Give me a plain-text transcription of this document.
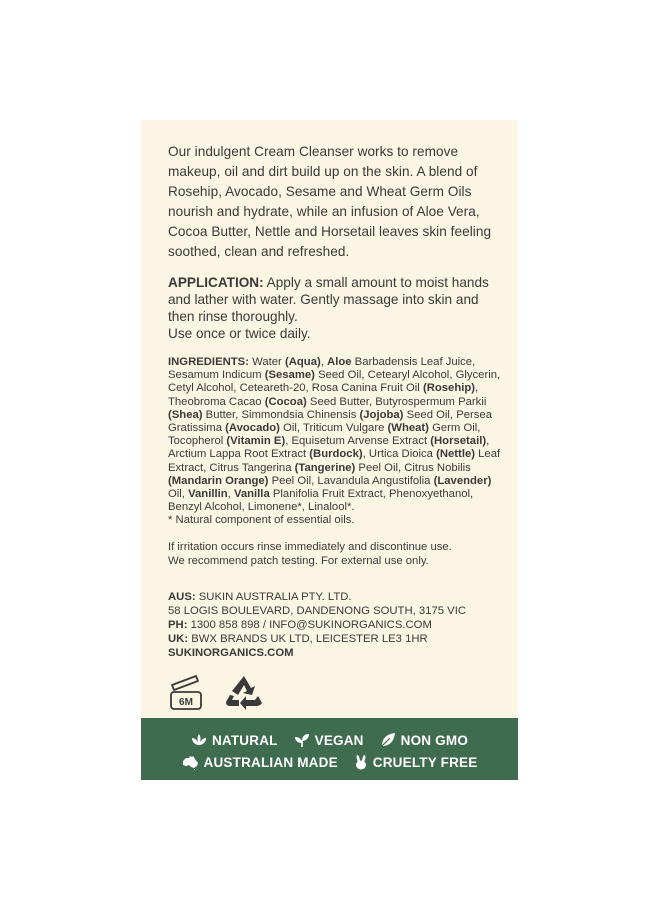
Our indulgent Cream Cleanser works to remove makeup, oil and dirt build up on the skin. A blend of Rosehip, Avocado, Sesame and Wheat Germ Oils nourish and hydrate, while an infusion of Aloe Vera, Cocoa Butter, Nettle and Horsetail leaves skin feeling soothed, clean and refreshed.

APPLICATION: Apply a small amount to moist hands and lather with water. Gently massage into skin and then rinse thoroughly.
Use once or twice daily.

INGREDIENTS: Water (Aqua), Aloe Barbadensis Leaf Juice, Sesamum Indicum (Sesame) Seed Oil, Cetearyl Alcohol, Glycerin, Cetyl Alcohol, Ceteareth-20, Rosa Canina Fruit Oil (Rosehip), Theobroma Cacao (Cocoa) Seed Butter, Butyrospermum Parkii (Shea) Butter, Simmondsia Chinensis (Jojoba) Seed Oil, Persea Gratissima (Avocado) Oil, Triticum Vulgare (Wheat) Germ Oil, Tocopherol (Vitamin E), Equisetum Arvense Extract (Horsetail), Arctium Lappa Root Extract (Burdock), Urtica Dioica (Nettle) Leaf Extract, Citrus Tangerina (Tangerine) Peel Oil, Citrus Nobilis (Mandarin Orange) Peel Oil, Lavandula Angustifolia (Lavender) Oil, Vanillin, Vanilla Planifolia Fruit Extract, Phenoxyethanol, Benzyl Alcohol, Limonene*, Linalool*.
* Natural component of essential oils.

If irritation occurs rinse immediately and discontinue use.
We recommend patch testing. For external use only.

AUS: SUKIN AUSTRALIA PTY. LTD.
58 LOGIS BOULEVARD, DANDENONG SOUTH, 3175 VIC
PH: 1300 858 898 / INFO@SUKINORGANICS.COM
UK: BWX BRANDS UK LTD, LEICESTER LE3 1HR
SUKINORGANICS.COM

6M
NATURAL	VEGAN	NON GMO
AUSTRALIAN MADE	CRUELTY FREE
